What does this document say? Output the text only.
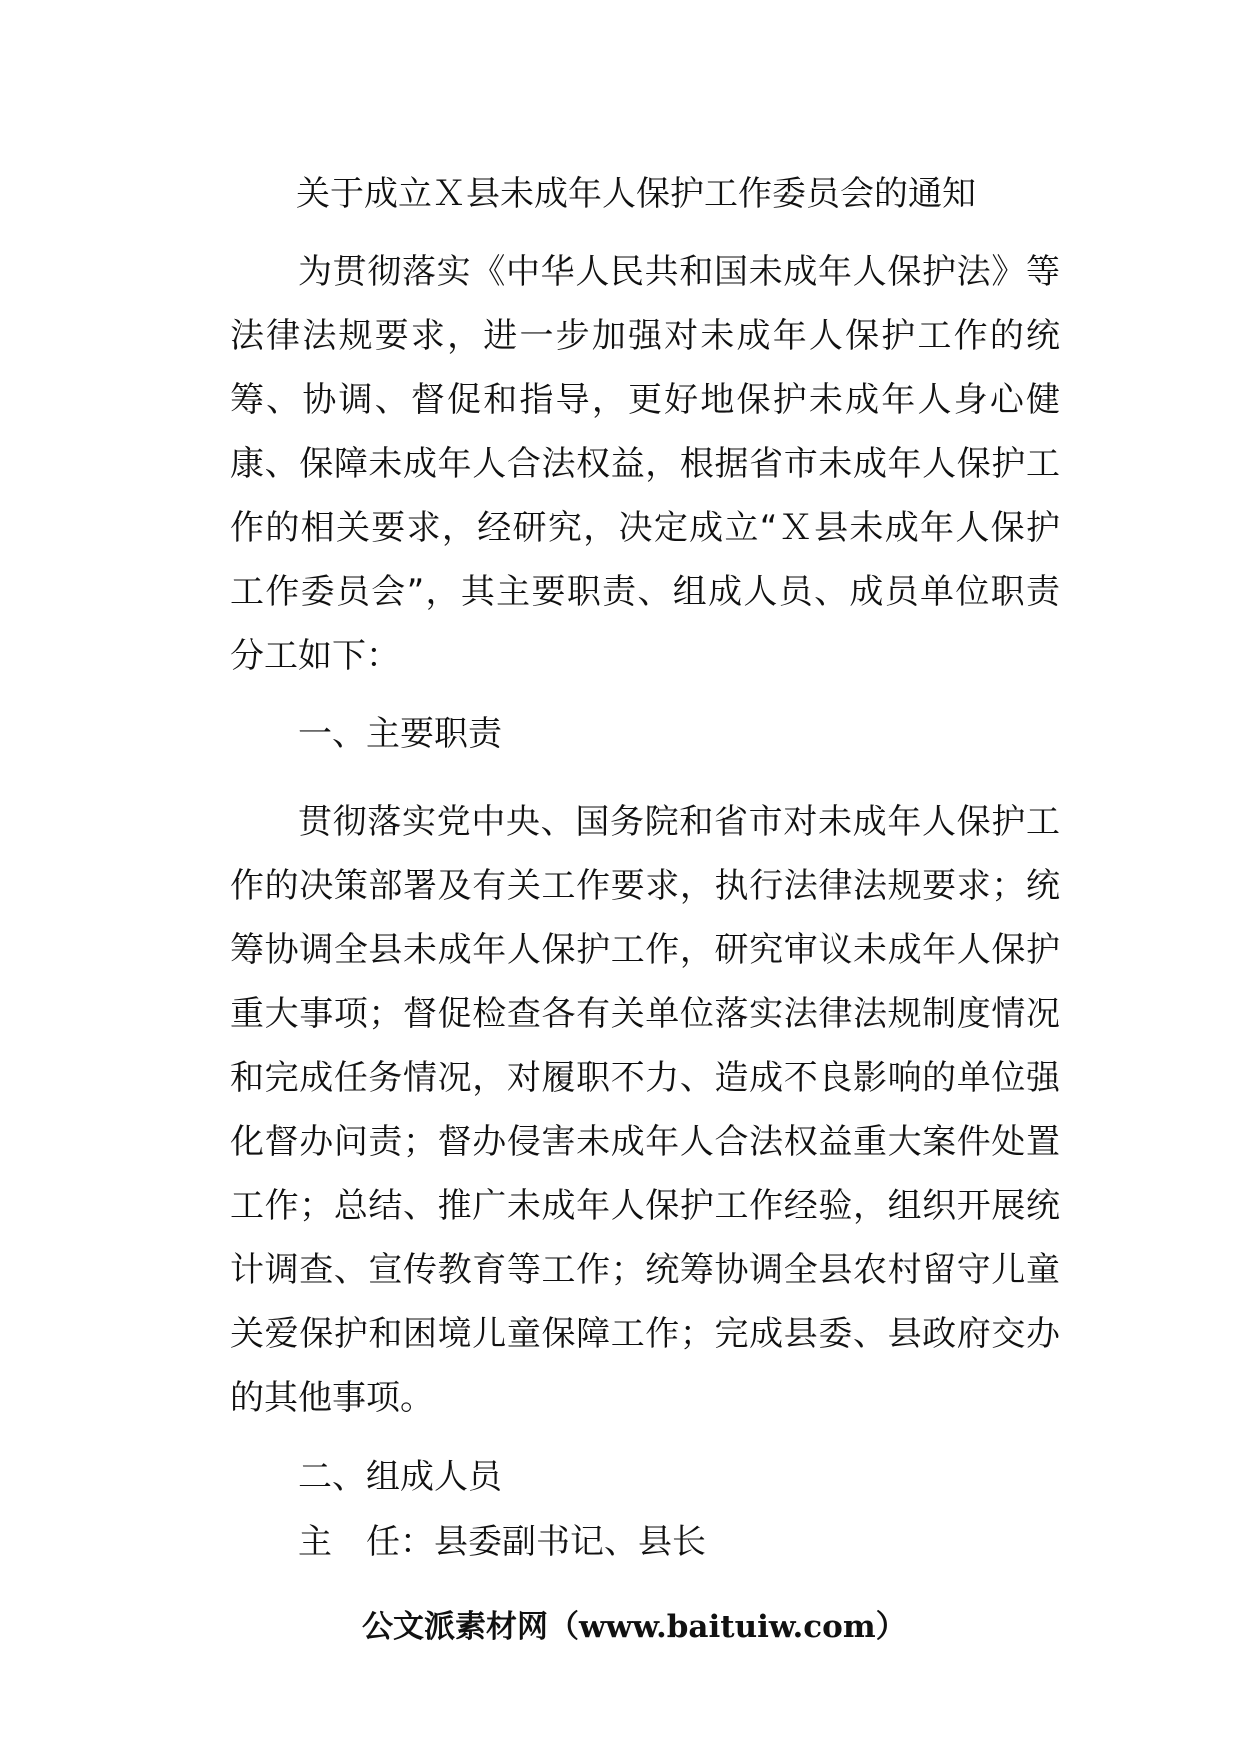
关于成立Ｘ县未成年人保护工作委员会的通知

为贯彻落实《中华人民共和国未成年人保护法》等法律法规要求，进一步加强对未成年人保护工作的统筹、协调、督促和指导，更好地保护未成年人身心健康、保障未成年人合法权益，根据省市未成年人保护工作的相关要求，经研究，决定成立“Ｘ县未成年人保护工作委员会”，其主要职责、组成人员、成员单位职责分工如下：

一、主要职责

贯彻落实党中央、国务院和省市对未成年人保护工作的决策部署及有关工作要求，执行法律法规要求；统筹协调全县未成年人保护工作，研究审议未成年人保护重大事项；督促检查各有关单位落实法律法规制度情况和完成任务情况，对履职不力、造成不良影响的单位强化督办问责；督办侵害未成年人合法权益重大案件处置工作；总结、推广未成年人保护工作经验，组织开展统计调查、宣传教育等工作；统筹协调全县农村留守儿童关爱保护和困境儿童保障工作；完成县委、县政府交办的其他事项。

二、组成人员

主　任：县委副书记、县长

公文派素材网（www.baituiw.com）
